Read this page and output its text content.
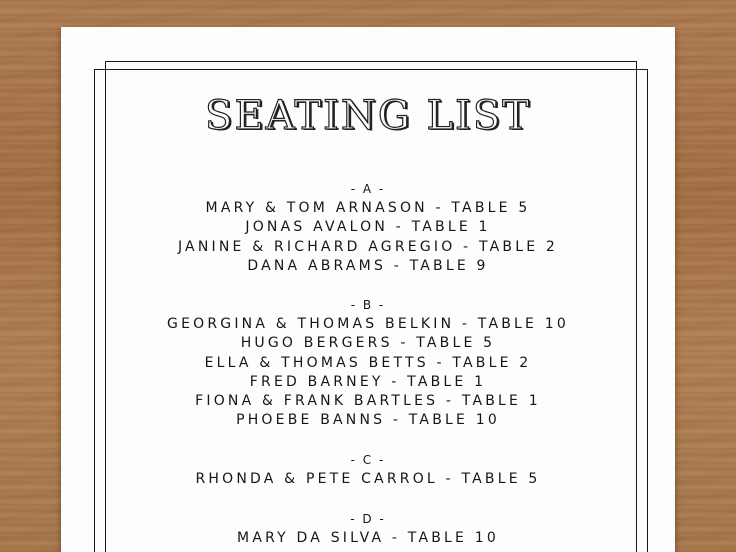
SEATING LIST
- A -
MARY & TOM ARNASON - TABLE 5
JONAS AVALON - TABLE 1
JANINE & RICHARD AGREGIO - TABLE 2
DANA ABRAMS - TABLE 9
- B -
GEORGINA & THOMAS BELKIN - TABLE 10
HUGO BERGERS - TABLE 5
ELLA & THOMAS BETTS - TABLE 2
FRED BARNEY - TABLE 1
FIONA & FRANK BARTLES - TABLE 1
PHOEBE BANNS - TABLE 10
- C -
RHONDA & PETE CARROL - TABLE 5
- D -
MARY DA SILVA - TABLE 10
